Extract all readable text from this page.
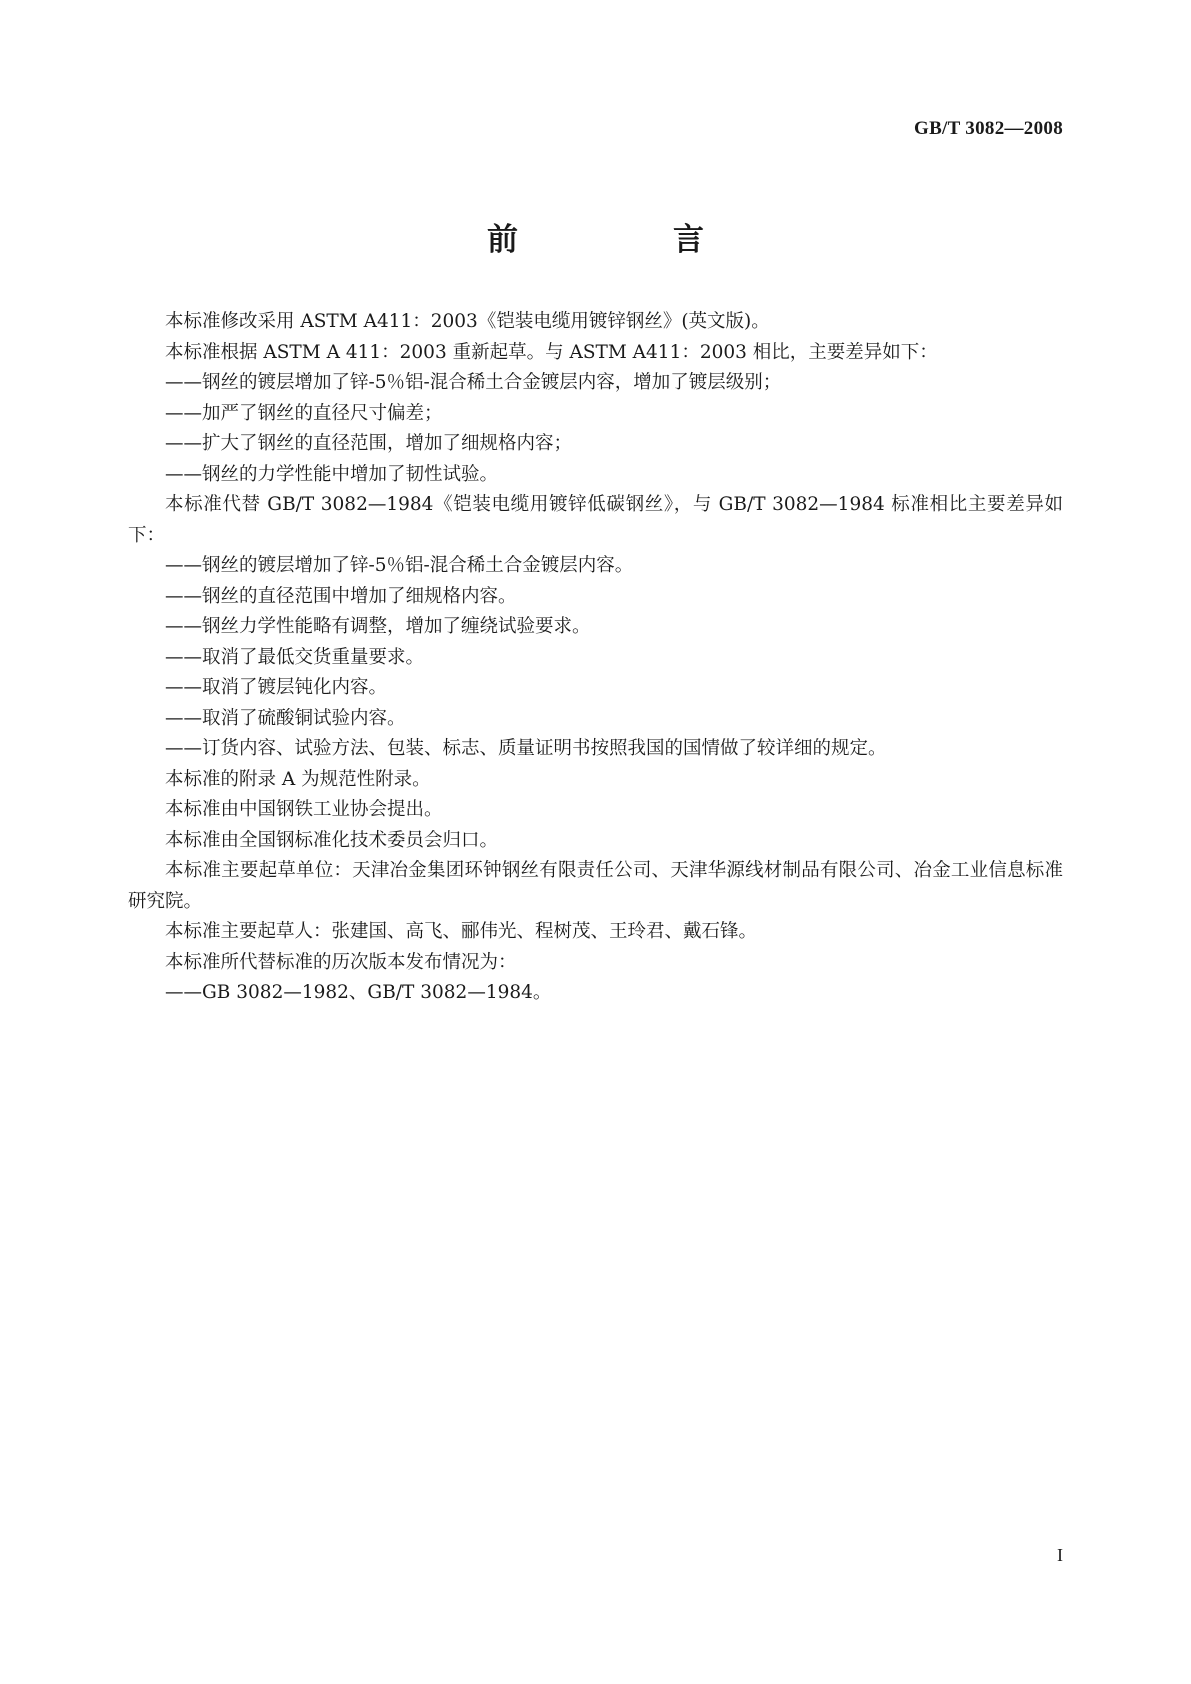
GB/T 3082—2008
前　言

本标准修改采用 ASTM A411：2003《铠装电缆用镀锌钢丝》(英文版)。

本标准根据 ASTM A 411：2003 重新起草。与 ASTM A411：2003 相比，主要差异如下：

——钢丝的镀层增加了锌-5％铝-混合稀土合金镀层内容，增加了镀层级别；

——加严了钢丝的直径尺寸偏差；

——扩大了钢丝的直径范围，增加了细规格内容；

——钢丝的力学性能中增加了韧性试验。

本标准代替 GB/T 3082—1984《铠装电缆用镀锌低碳钢丝》，与 GB/T 3082—1984 标准相比主要差异如下：

——钢丝的镀层增加了锌-5％铝-混合稀土合金镀层内容。

——钢丝的直径范围中增加了细规格内容。

——钢丝力学性能略有调整，增加了缠绕试验要求。

——取消了最低交货重量要求。

——取消了镀层钝化内容。

——取消了硫酸铜试验内容。

——订货内容、试验方法、包装、标志、质量证明书按照我国的国情做了较详细的规定。

本标准的附录 A 为规范性附录。

本标准由中国钢铁工业协会提出。

本标准由全国钢标准化技术委员会归口。

本标准主要起草单位：天津冶金集团环钟钢丝有限责任公司、天津华源线材制品有限公司、冶金工业信息标准研究院。

本标准主要起草人：张建国、高飞、郦伟光、程树茂、王玲君、戴石锋。

本标准所代替标准的历次版本发布情况为：

——GB 3082—1982、GB/T 3082—1984。

I
